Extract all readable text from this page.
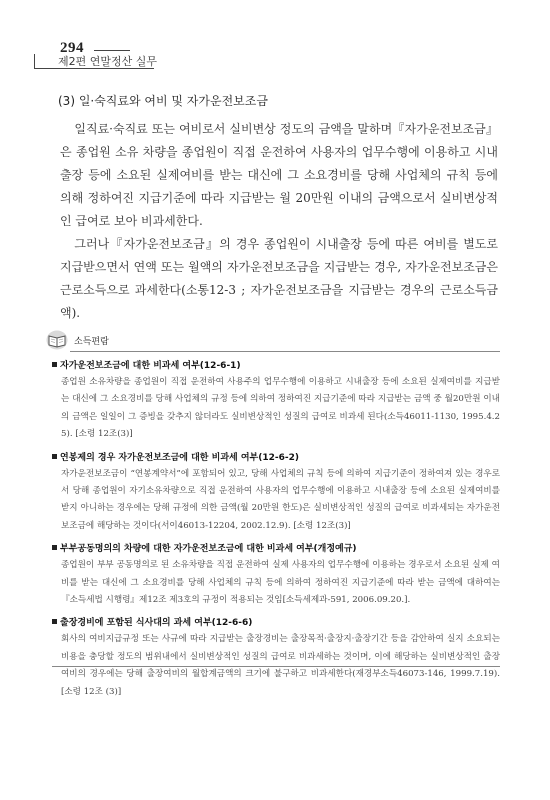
294
제2편 연말정산 실무
(3) 일·숙직료와 여비 및 자가운전보조금

일직료·숙직료 또는 여비로서 실비변상 정도의 금액을 말하며『자가운전보조금』은 종업원 소유 차량을 종업원이 직접 운전하여 사용자의 업무수행에 이용하고 시내출장 등에 소요된 실제여비를 받는 대신에 그 소요경비를 당해 사업체의 규칙 등에 의해 정하여진 지급기준에 따라 지급받는 월 20만원 이내의 금액으로서 실비변상적인 급여로 보아 비과세한다.

그러나『자가운전보조금』의 경우 종업원이 시내출장 등에 따른 여비를 별도로 지급받으면서 연액 또는 월액의 자가운전보조금을 지급받는 경우, 자가운전보조금은 근로소득으로 과세한다(소통12-3 ; 자가운전보조금을 지급받는 경우의 근로소득금액).

소득편람
자가운전보조금에 대한 비과세 여부(12-6-1)

종업원 소유차량을 종업원이 직접 운전하여 사용주의 업무수행에 이용하고 시내출장 등에 소요된 실제여비를 지급받는 대신에 그 소요경비를 당해 사업체의 규정 등에 의하여 정하여진 지급기준에 따라 지급받는 금액 중 월20만원 이내의 금액은 일일이 그 증빙을 갖추지 않더라도 실비변상적인 성질의 급여로 비과세 된다(소득46011-1130, 1995.4.25). [소령 12조(3)]

연봉제의 경우 자가운전보조금에 대한 비과세 여부(12-6-2)

자가운전보조금이 “연봉계약서”에 포함되어 있고, 당해 사업체의 규칙 등에 의하여 지급기준이 정하여져 있는 경우로서 당해 종업원이 자기소유차량으로 직접 운전하여 사용자의 업무수행에 이용하고 시내출장 등에 소요된 실제여비를 받지 아니하는 경우에는 당해 규정에 의한 금액(월 20만원 한도)은 실비변상적인 성질의 급여로 비과세되는 자가운전보조금에 해당하는 것이다(서이46013-12204, 2002.12.9). [소령 12조(3)]

부부공동명의의 차량에 대한 자가운전보조금에 대한 비과세 여부(개정예규)

종업원이 부부 공동명의로 된 소유차량을 직접 운전하여 실제 사용자의 업무수행에 이용하는 경우로서 소요된 실제 여비를 받는 대신에 그 소요경비를 당해 사업체의 규칙 등에 의하여 정하여진 지급기준에 따라 받는 금액에 대하여는『소득세법 시행령』제12조 제3호의 규정이 적용되는 것임[소득세제과-591, 2006.09.20.].

출장경비에 포함된 식사대의 과세 여부(12-6-6)

회사의 여비지급규정 또는 사규에 따라 지급받는 출장경비는 출장목적·출장지·출장기간 등을 감안하여 실지 소요되는 비용을 충당할 정도의 범위내에서 실비변상적인 성질의 급여로 비과세하는 것이며, 이에 해당하는 실비변상적인 출장여비의 경우에는 당해 출장여비의 월합계금액의 크기에 불구하고 비과세한다(재경부소득46073-146, 1999.7.19). [소령 12조 (3)]
